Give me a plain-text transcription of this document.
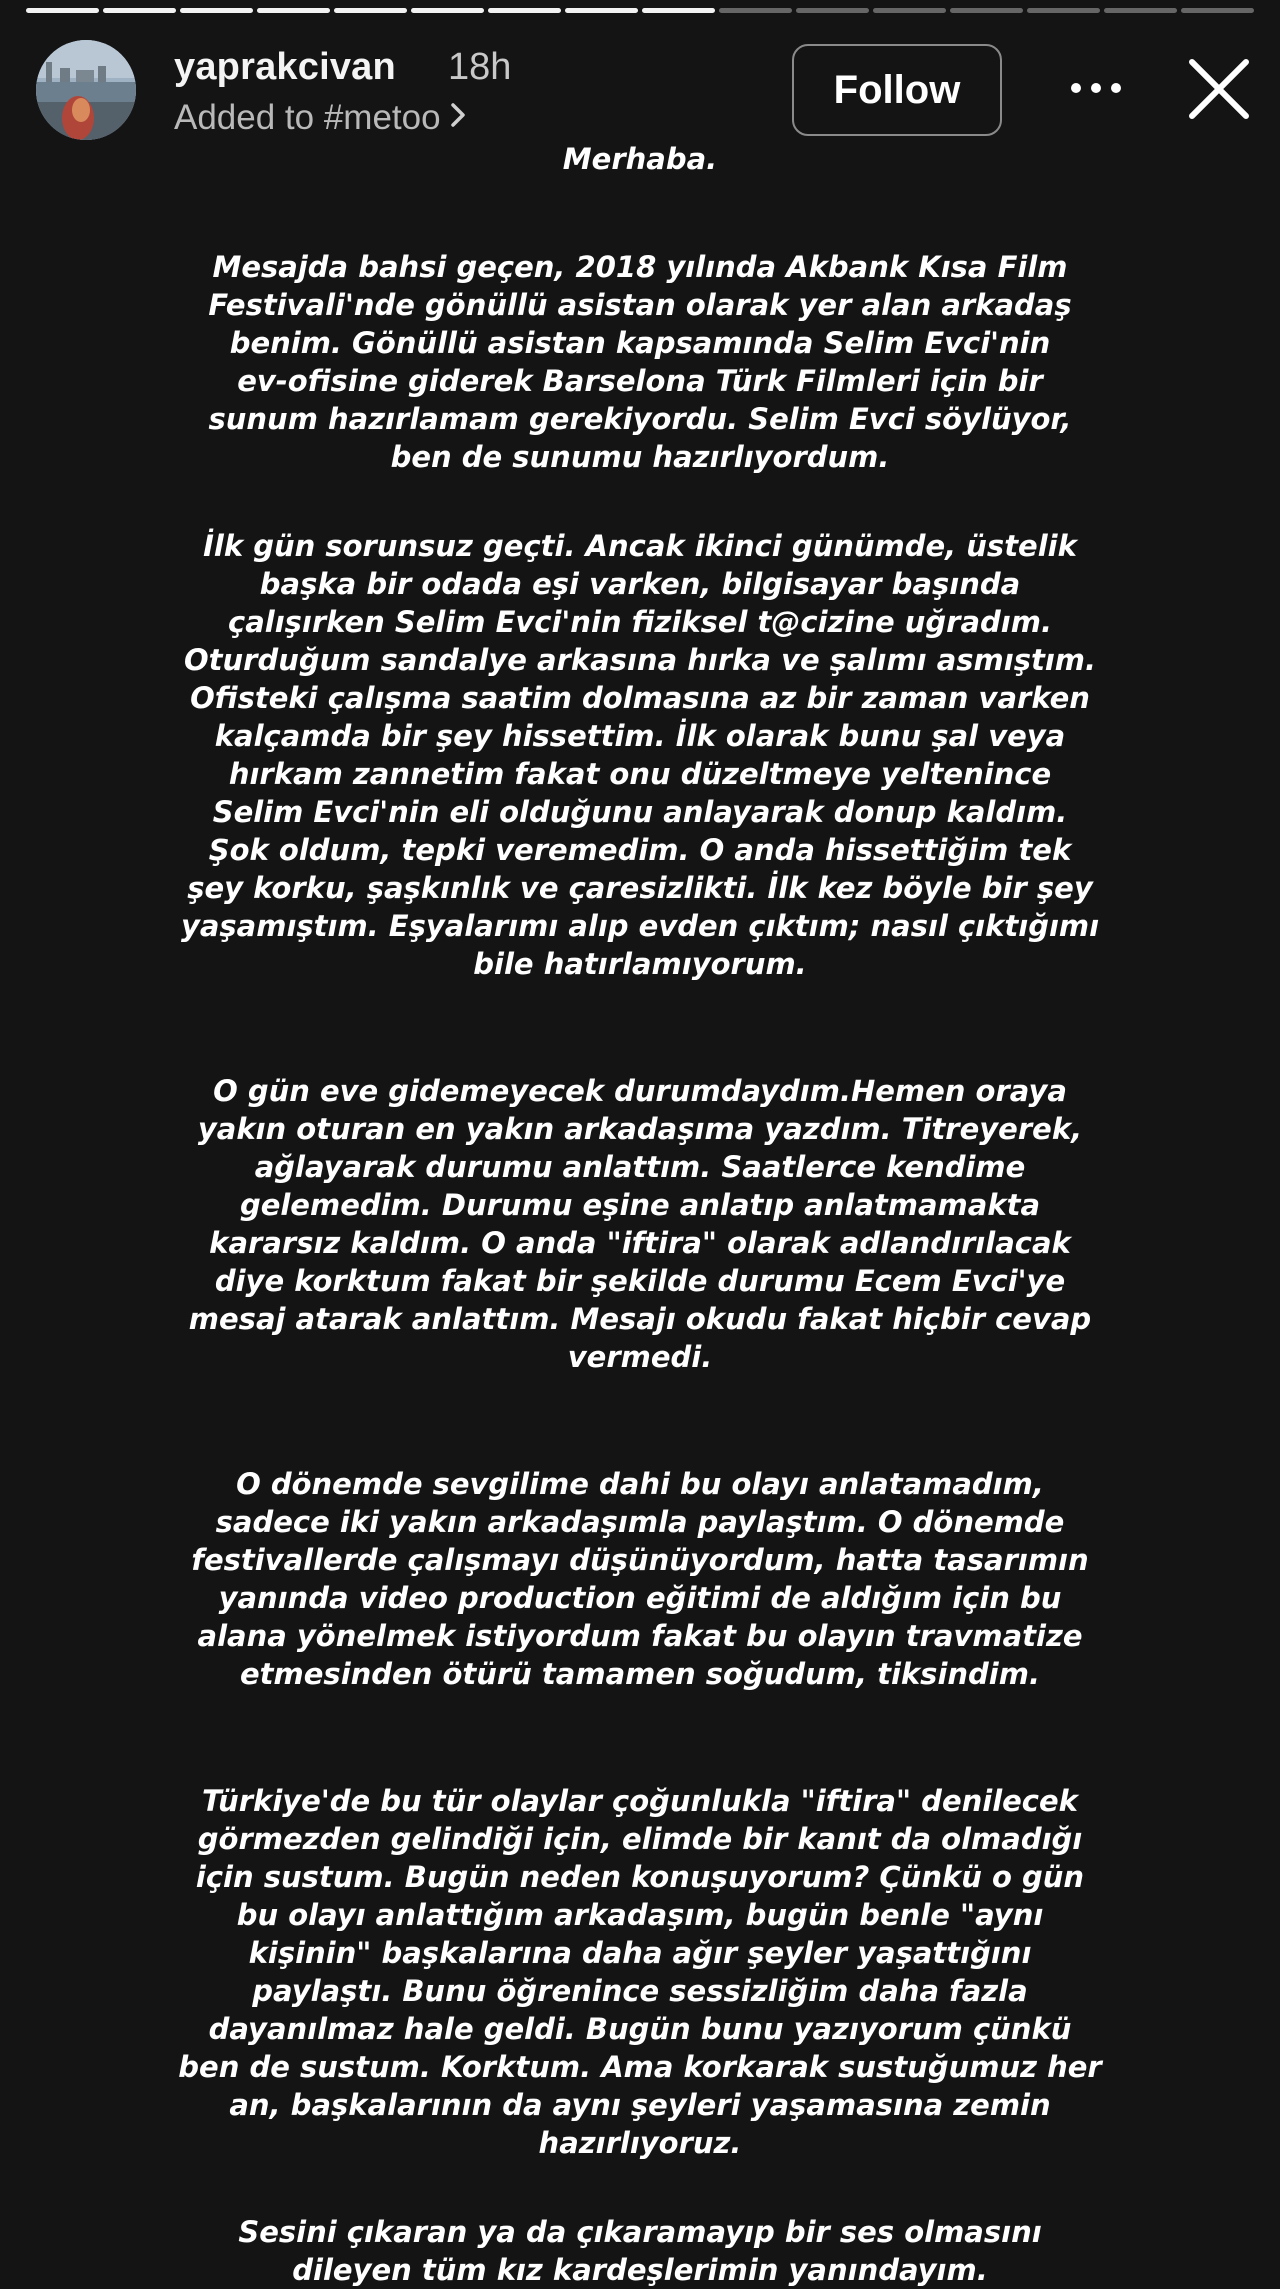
yaprakcivan 18h
Added to #metoo
Follow

Merhaba.

Mesajda bahsi geçen, 2018 yılında Akbank Kısa Film
Festivali'nde gönüllü asistan olarak yer alan arkadaş
benim. Gönüllü asistan kapsamında Selim Evci'nin
ev-ofisine giderek Barselona Türk Filmleri için bir
sunum hazırlamam gerekiyordu. Selim Evci söylüyor,
ben de sunumu hazırlıyordum.

İlk gün sorunsuz geçti. Ancak ikinci günümde, üstelik
başka bir odada eşi varken, bilgisayar başında
çalışırken Selim Evci'nin fiziksel t@cizine uğradım.
Oturduğum sandalye arkasına hırka ve şalımı asmıştım.
Ofisteki çalışma saatim dolmasına az bir zaman varken
kalçamda bir şey hissettim. İlk olarak bunu şal veya
hırkam zannetim fakat onu düzeltmeye yeltenince
Selim Evci'nin eli olduğunu anlayarak donup kaldım.
Şok oldum, tepki veremedim. O anda hissettiğim tek
şey korku, şaşkınlık ve çaresizlikti. İlk kez böyle bir şey
yaşamıştım. Eşyalarımı alıp evden çıktım; nasıl çıktığımı
bile hatırlamıyorum.

O gün eve gidemeyecek durumdaydım.Hemen oraya
yakın oturan en yakın arkadaşıma yazdım. Titreyerek,
ağlayarak durumu anlattım. Saatlerce kendime
gelemedim. Durumu eşine anlatıp anlatmamakta
kararsız kaldım. O anda "iftira" olarak adlandırılacak
diye korktum fakat bir şekilde durumu Ecem Evci'ye
mesaj atarak anlattım. Mesajı okudu fakat hiçbir cevap
vermedi.

O dönemde sevgilime dahi bu olayı anlatamadım,
sadece iki yakın arkadaşımla paylaştım. O dönemde
festivallerde çalışmayı düşünüyordum, hatta tasarımın
yanında video production eğitimi de aldığım için bu
alana yönelmek istiyordum fakat bu olayın travmatize
etmesinden ötürü tamamen soğudum, tiksindim.

Türkiye'de bu tür olaylar çoğunlukla "iftira" denilecek
görmezden gelindiği için, elimde bir kanıt da olmadığı
için sustum. Bugün neden konuşuyorum? Çünkü o gün
bu olayı anlattığım arkadaşım, bugün benle "aynı
kişinin" başkalarına daha ağır şeyler yaşattığını
paylaştı. Bunu öğrenince sessizliğim daha fazla
dayanılmaz hale geldi. Bugün bunu yazıyorum çünkü
ben de sustum. Korktum. Ama korkarak sustuğumuz her
an, başkalarının da aynı şeyleri yaşamasına zemin
hazırlıyoruz.

Sesini çıkaran ya da çıkaramayıp bir ses olmasını
dileyen tüm kız kardeşlerimin yanındayım.
